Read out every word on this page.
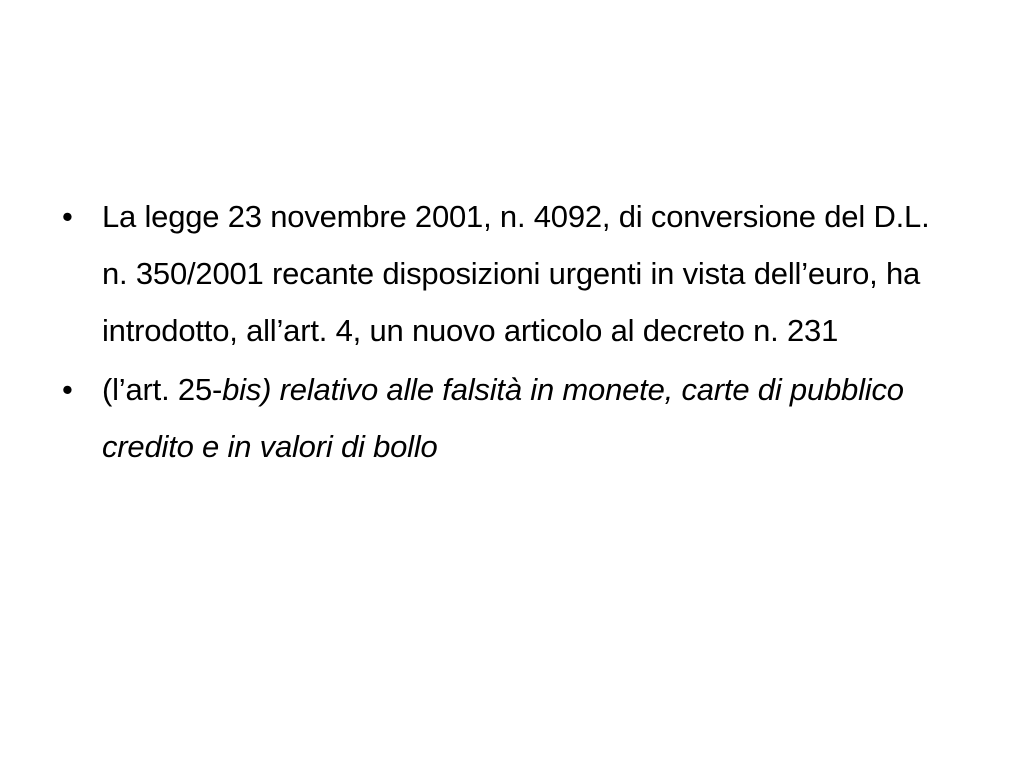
• La legge 23 novembre 2001, n. 4092, di conversione del D.L. n. 350/2001 recante disposizioni urgenti in vista dell’euro, ha introdotto, all’art. 4, un nuovo articolo al decreto n. 231
• (l’art. 25-bis) relativo alle falsità in monete, carte di pubblico credito e in valori di bollo
